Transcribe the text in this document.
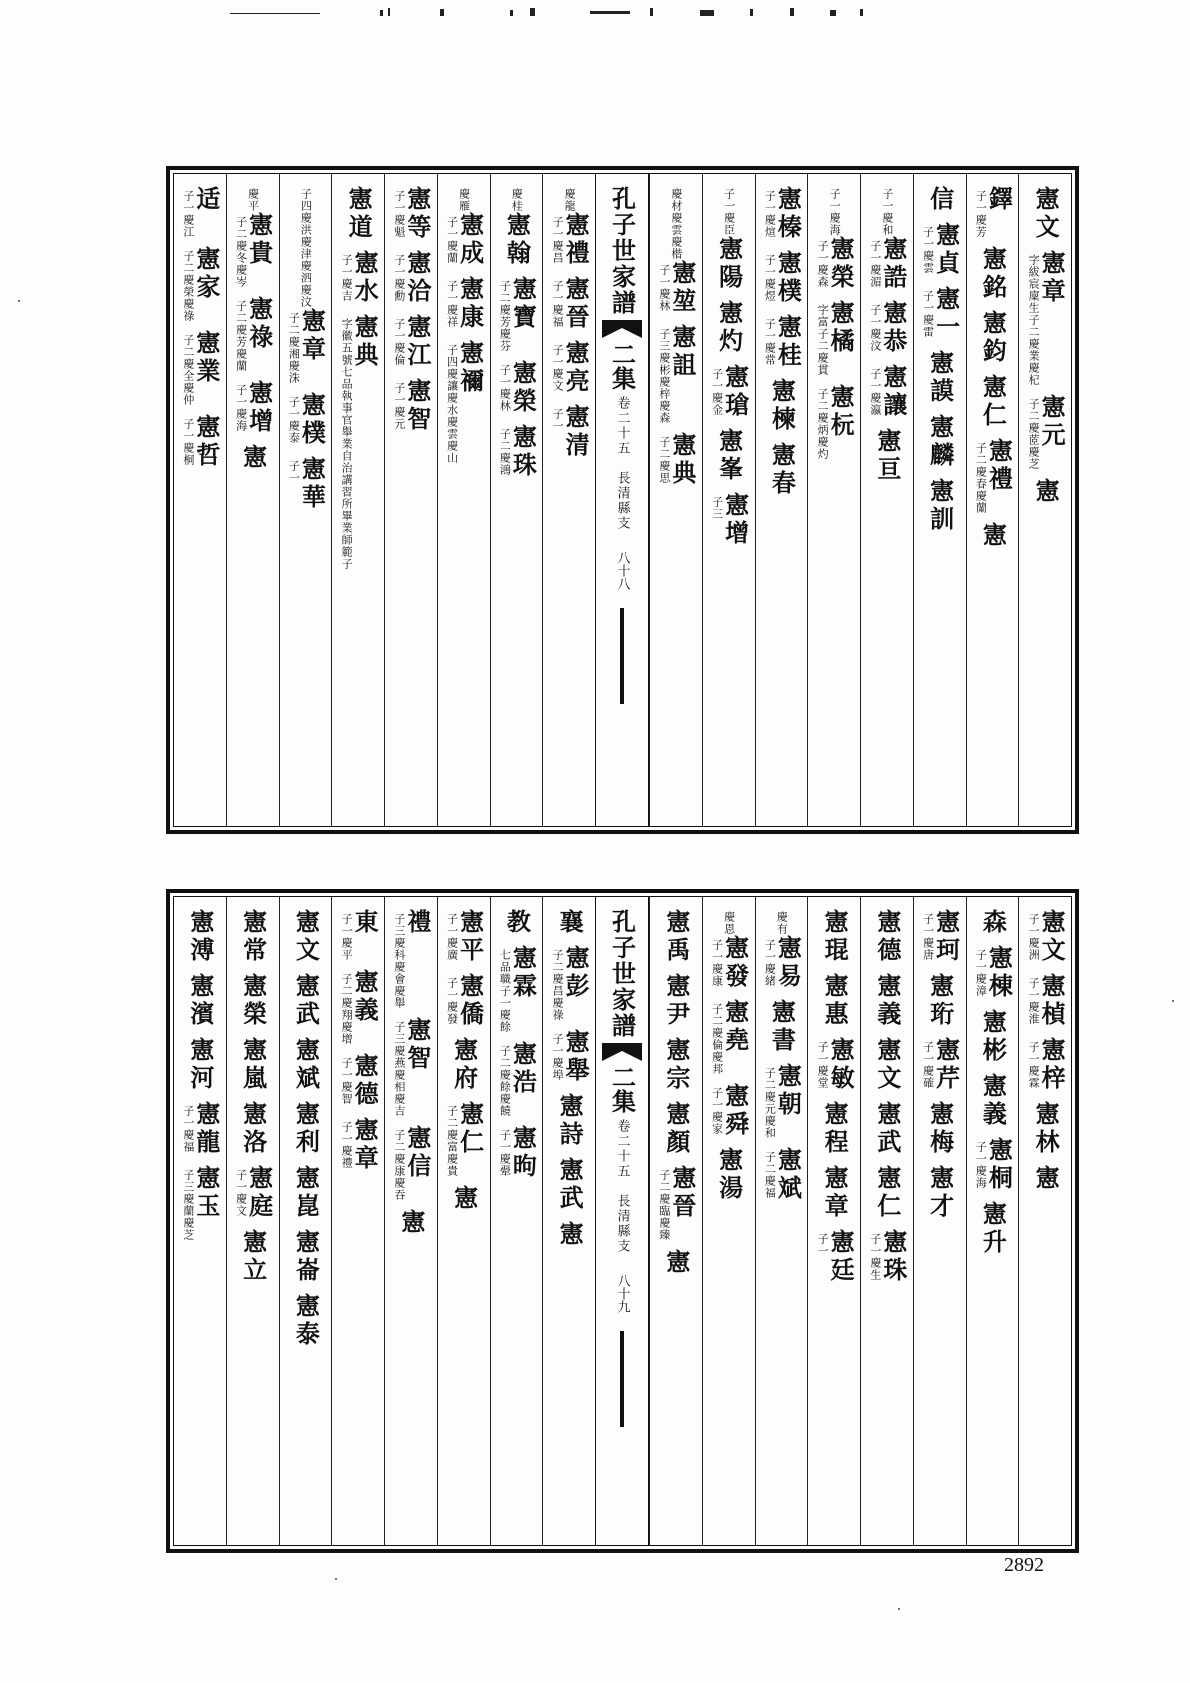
憲文
憲章
字紱宸廩生子二慶業慶杞
憲元
子二慶茝慶芝
憲
鐸
子一慶芳
憲銘
憲鈞
憲仁
憲禮
子二慶春慶蘭
憲
信
憲貞
子一慶雲
憲一
子一慶雷
憲謨
憲麟
憲訓
子一慶和
憲誥
子一慶湄
憲恭
子一慶汶
憲讓
子一慶瀛
憲亘
子一慶海
憲榮
子一慶森
憲橘
字富子二慶貫
憲杬
子二慶炳慶灼
憲榛
子一慶煊
憲樸
子一慶煜
憲桂
子一慶常
憲楝
憲春
子一慶臣
憲陽
憲灼
憲瑲
子一慶金
憲峯
憲增
子三
慶材慶雲慶楷
憲堃
子一慶林
憲詛
子三慶彬慶梓慶森
憲典
子二慶思
孔子世家譜
二集
卷二十五　長清縣支
八十八
慶龍
憲禮
子一慶昌
憲晉
子一慶福
憲亮
子一慶文
憲清
子一
慶桂
憲翰
憲寶
子二慶芳慶芬
憲榮
子一慶林
憲珠
子二慶鴻
慶雁
憲成
子一慶蘭
憲康
子一慶祥
憲禰
子四慶讓慶水慶雲慶山
憲等
子一慶魁
憲洽
子一慶勳
憲江
子一慶倫
憲智
子一慶元
憲道
憲水
子一慶吉
憲典
字徽五號七品執事官舉業自治講習所畢業師範子
子四慶洪慶津慶泗慶汶
憲章
子二慶湘慶洙
憲樸
子一慶泰
憲華
子一
慶平
憲貴
子二慶冬慶岑
憲祿
子二慶芳慶蘭
憲增
子一慶海
憲
适
子一慶江
憲家
子二慶榮慶祿
憲業
子二慶全慶仲
憲哲
子一慶桐
憲文
子一慶洲
憲楨
子一慶淮
憲梓
子一慶霖
憲林
憲
森
憲棟
子一慶漳
憲彬
憲義
憲桐
子一慶海
憲升
憲珂
子一慶唐
憲珩
憲芹
子一慶確
憲梅
憲才
憲德
憲義
憲文
憲武
憲仁
憲珠
子一慶生
憲琨
憲惠
憲敏
子一慶堂
憲程
憲章
憲廷
子一
慶有
憲易
子一慶緒
憲書
憲朝
子二慶元慶和
憲斌
子二慶福
慶恩
憲發
子一慶康
憲堯
子二慶倫慶邦
憲舜
子一慶家
憲湯
憲禹
憲尹
憲宗
憲顏
憲晉
子二慶臨慶臻
憲
孔子世家譜
二集
卷二十五　長清縣支
八十九
襄
憲彭
子二慶昌慶祿
憲舉
子一慶埠
憲詩
憲武
憲
教
憲霖
七品職子一慶餘
憲浩
子二慶餘慶饒
憲昫
子一慶翚
憲平
子一慶廣
憲僑
子一慶發
憲府
憲仁
子二慶富慶貴
憲
禮
子三慶科慶會慶舉
憲智
子三慶燕慶相慶吉
憲信
子二慶康慶吞
憲
東
子一慶平
憲義
子二慶翔慶增
憲德
子一慶智
憲章
子一慶禮
憲文
憲武
憲斌
憲利
憲崑
憲崙
憲泰
憲常
憲榮
憲嵐
憲洛
憲庭
子一慶文
憲立
憲溥
憲濱
憲河
憲龍
子一慶福
憲玉
子三慶蘭慶芝
2892
